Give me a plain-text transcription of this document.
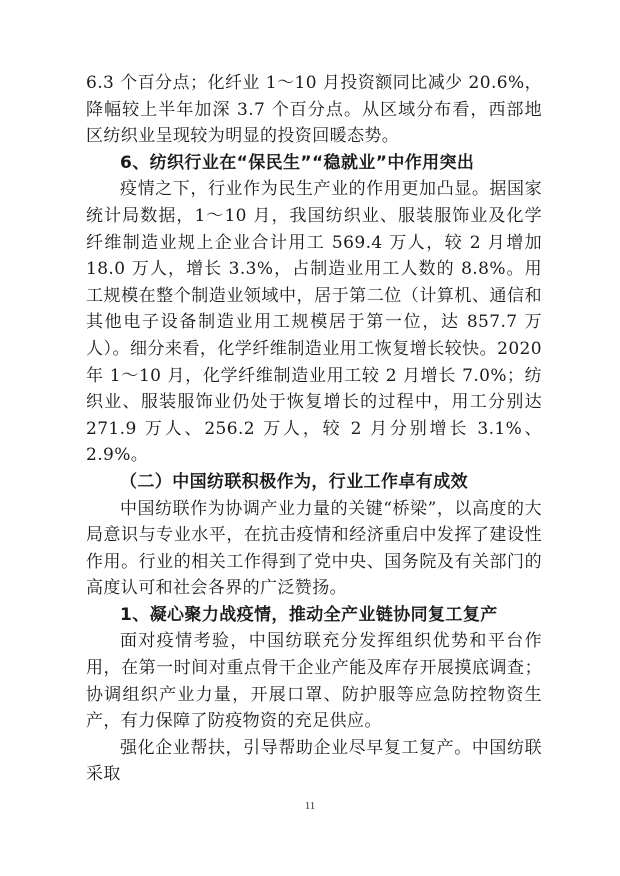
6.3 个百分点；化纤业 1～10 月投资额同比减少 20.6%，降幅较上半年加深 3.7 个百分点。从区域分布看，西部地区纺织业呈现较为明显的投资回暖态势。

6、纺织行业在“保民生”“稳就业”中作用突出

疫情之下，行业作为民生产业的作用更加凸显。据国家统计局数据，1～10 月，我国纺织业、服装服饰业及化学纤维制造业规上企业合计用工 569.4 万人，较 2 月增加 18.0 万人，增长 3.3%，占制造业用工人数的 8.8%。用工规模在整个制造业领域中，居于第二位（计算机、通信和其他电子设备制造业用工规模居于第一位，达 857.7 万人）。细分来看，化学纤维制造业用工恢复增长较快。2020 年 1～10 月，化学纤维制造业用工较 2 月增长 7.0%；纺织业、服装服饰业仍处于恢复增长的过程中，用工分别达 271.9 万人、256.2 万人，较 2 月分别增长 3.1%、2.9%。

（二）中国纺联积极作为，行业工作卓有成效

中国纺联作为协调产业力量的关键“桥梁”，以高度的大局意识与专业水平，在抗击疫情和经济重启中发挥了建设性作用。行业的相关工作得到了党中央、国务院及有关部门的高度认可和社会各界的广泛赞扬。

1、凝心聚力战疫情，推动全产业链协同复工复产

面对疫情考验，中国纺联充分发挥组织优势和平台作用，在第一时间对重点骨干企业产能及库存开展摸底调查；协调组织产业力量，开展口罩、防护服等应急防控物资生产，有力保障了防疫物资的充足供应。

强化企业帮扶，引导帮助企业尽早复工复产。中国纺联采取

11
